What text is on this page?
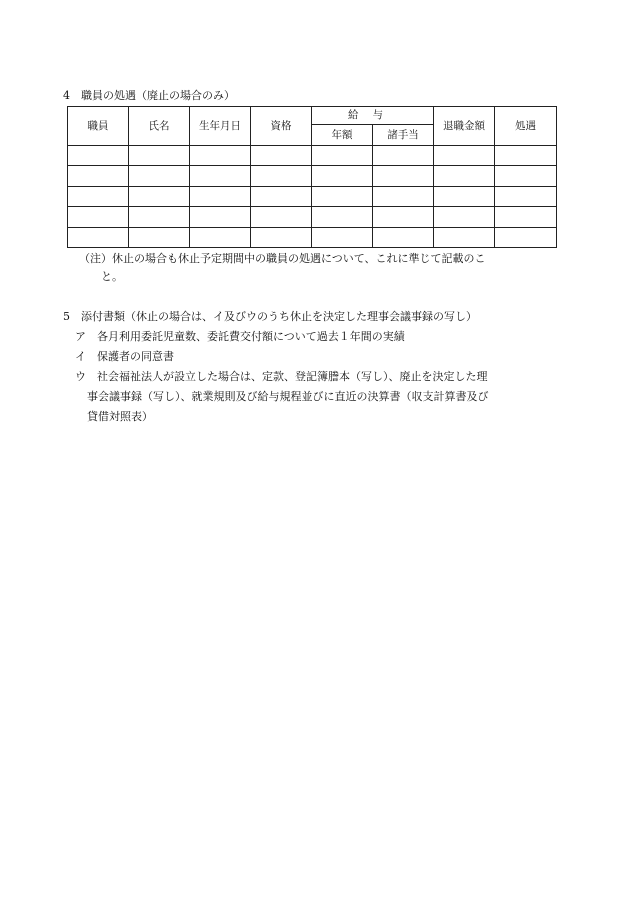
4　職員の処遇（廃止の場合のみ）
職員	氏名	生年月日	資格	給与		退職金額	処遇
				年額	諸手当		

（注）休止の場合も休止予定期間中の職員の処遇について、これに準じて記載のこ
と。
5　添付書類（休止の場合は、イ及びウのうち休止を決定した理事会議事録の写し）
ア　各月利用委託児童数、委託費交付額について過去１年間の実績
イ　保護者の同意書
ウ　社会福祉法人が設立した場合は、定款、登記簿謄本（写し）、廃止を決定した理
事会議事録（写し）、就業規則及び給与規程並びに直近の決算書（収支計算書及び
貸借対照表）
